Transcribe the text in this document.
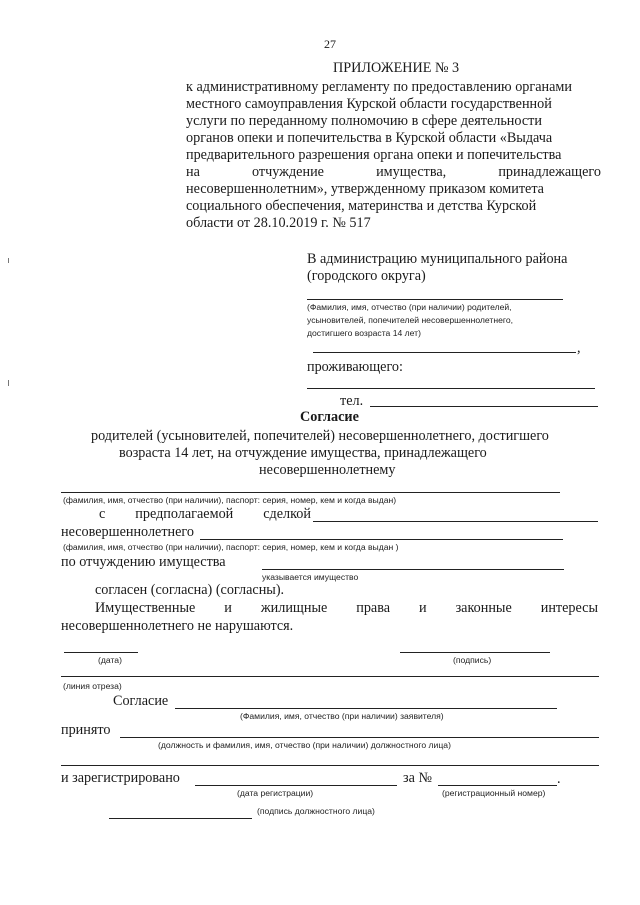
27
ПРИЛОЖЕНИЕ № 3
к административному регламенту по предоставлению органами
местного самоуправления Курской области государственной
услуги по переданному полномочию в сфере деятельности
органов опеки и попечительства в Курской области «Выдача
предварительного разрешения органа опеки и попечительства
на	отчуждение	имущества,	принадлежащего
несовершеннолетним», утвержденному приказом комитета
социального обеспечения, материнства и детства Курской
области от 28.10.2019 г. № 517
В администрацию муниципального района
(городского округа)
(Фамилия, имя, отчество (при наличии) родителей,
усыновителей, попечителей несовершеннолетнего,
достигшего возраста 14 лет)
,
проживающего:
тел.
Согласие
родителей (усыновителей, попечителей) несовершеннолетнего, достигшего
возраста 14 лет, на отчуждение имущества, принадлежащего
несовершеннолетнему
(фамилия, имя, отчество (при наличии), паспорт: серия, номер, кем и когда выдан)
с предполагаемой сделкой
несовершеннолетнего
(фамилия, имя, отчество (при наличии), паспорт: серия, номер, кем и когда выдан )
по отчуждению имущества
указывается имущество
согласен (согласна) (согласны).
Имущественные и жилищные права и законные интересы
несовершеннолетнего не нарушаются.
(дата)	(подпись)
(линия отреза)
Согласие
(Фамилия, имя, отчество (при наличии) заявителя)
принято
(должность и фамилия, имя, отчество (при наличии) должностного лица)
и зарегистрировано	за №	.
(дата регистрации)	(регистрационный номер)
(подпись должностного лица)
